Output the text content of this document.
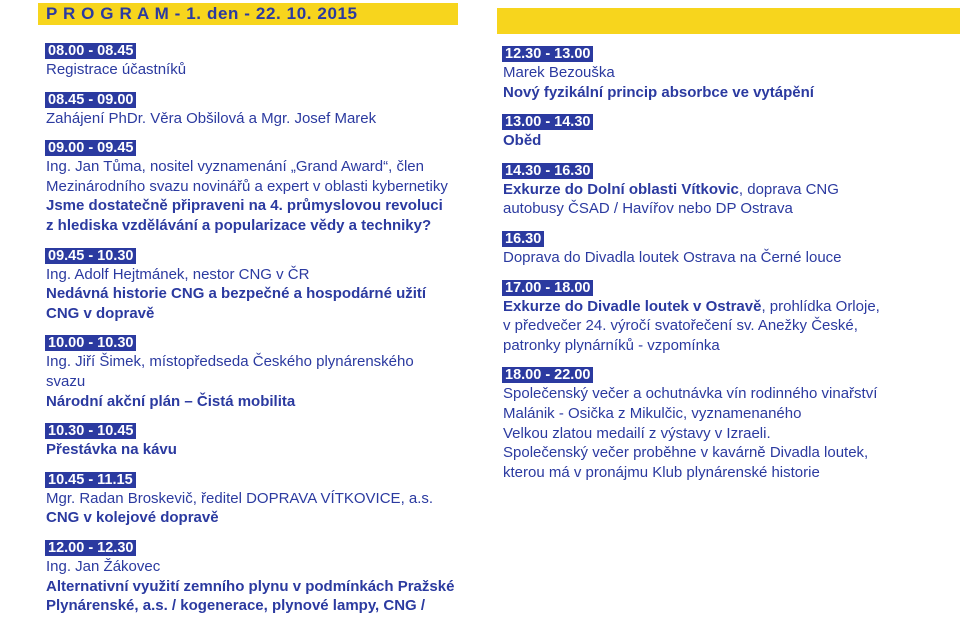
P R O G R A M - 1. den - 22. 10. 2015
08.00 - 08.45
Registrace účastníků
08.45 - 09.00
Zahájení PhDr. Věra Obšilová a Mgr. Josef Marek
09.00 - 09.45
Ing. Jan Tůma, nositel vyznamenání „Grand Award“, člen
Mezinárodního svazu novinářů a expert v oblasti kybernetiky
Jsme dostatečně připraveni na 4. průmyslovou revoluci
z hlediska vzdělávání a popularizace vědy a techniky?
09.45 - 10.30
Ing. Adolf Hejtmánek, nestor CNG v ČR
Nedávná historie CNG a bezpečné a hospodárné užití
CNG v dopravě
10.00 - 10.30
Ing. Jiří Šimek, místopředseda Českého plynárenského
svazu
Národní akční plán – Čistá mobilita
10.30 - 10.45
Přestávka na kávu
10.45 - 11.15
Mgr. Radan Broskevič, ředitel DOPRAVA VÍTKOVICE, a.s.
CNG v kolejové dopravě
12.00 - 12.30
Ing. Jan Žákovec
Alternativní využití zemního plynu v podmínkách Pražské
Plynárenské, a.s. / kogenerace, plynové lampy, CNG /
12.30 - 13.00
Marek Bezouška
Nový fyzikální princip absorbce ve vytápění
13.00 - 14.30
Oběd
14.30 - 16.30
Exkurze do Dolní oblasti Vítkovic, doprava CNG
autobusy ČSAD / Havířov nebo DP Ostrava
16.30
Doprava do Divadla loutek Ostrava na Černé louce
17.00 - 18.00
Exkurze do Divadle loutek v Ostravě, prohlídka Orloje,
v předvečer 24. výročí svatořečení sv. Anežky České,
patronky plynárníků - vzpomínka
18.00 - 22.00
Společenský večer a ochutnávka vín rodinného vinařství
Malánik - Osička z Mikulčic, vyznamenaného
Velkou zlatou medailí z výstavy v Izraeli.
Společenský večer proběhne v kavárně Divadla loutek,
kterou má v pronájmu Klub plynárenské historie
